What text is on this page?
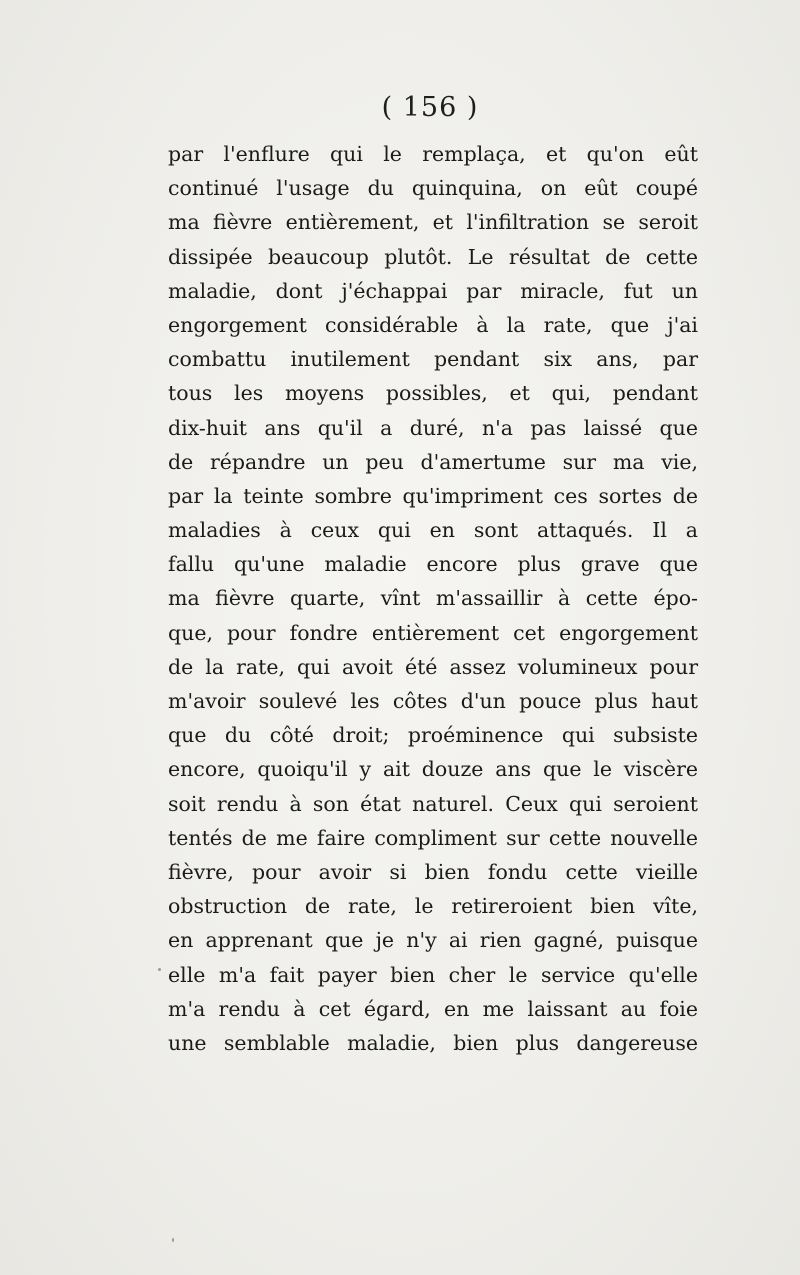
( 156 )
par l'enflure qui le remplaça, et qu'on eût
continué l'usage du quinquina, on eût coupé
ma fièvre entièrement, et l'infiltration se seroit
dissipée beaucoup plutôt. Le résultat de cette
maladie, dont j'échappai par miracle, fut un
engorgement considérable à la rate, que j'ai
combattu inutilement pendant six ans, par
tous les moyens possibles, et qui, pendant
dix-huit ans qu'il a duré, n'a pas laissé que
de répandre un peu d'amertume sur ma vie,
par la teinte sombre qu'impriment ces sortes de
maladies à ceux qui en sont attaqués. Il a
fallu qu'une maladie encore plus grave que
ma fièvre quarte, vînt m'assaillir à cette épo-
que, pour fondre entièrement cet engorgement
de la rate, qui avoit été assez volumineux pour
m'avoir soulevé les côtes d'un pouce plus haut
que du côté droit; proéminence qui subsiste
encore, quoiqu'il y ait douze ans que le viscère
soit rendu à son état naturel. Ceux qui seroient
tentés de me faire compliment sur cette nouvelle
fièvre, pour avoir si bien fondu cette vieille
obstruction de rate, le retireroient bien vîte,
en apprenant que je n'y ai rien gagné, puisque
elle m'a fait payer bien cher le service qu'elle
m'a rendu à cet égard, en me laissant au foie
une semblable maladie, bien plus dangereuse
